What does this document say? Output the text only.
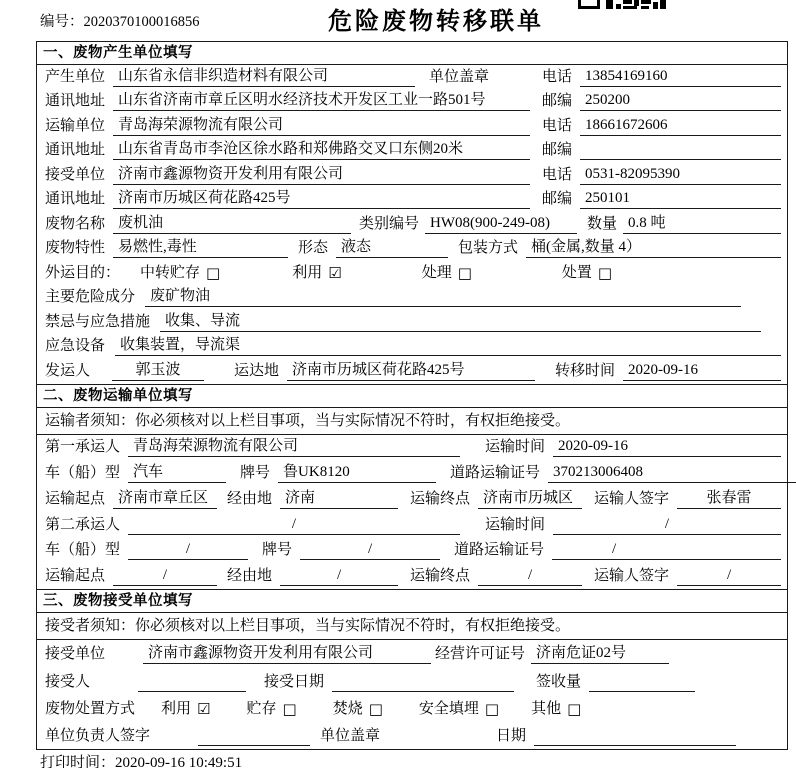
编号：2020370100016856	危险废物转移联单
一、废物产生单位填写
产生单位 山东省永信非织造材料有限公司	单位盖章	电话 13854169160
通讯地址 山东省济南市章丘区明水经济技术开发区工业一路501号	邮编 250200
运输单位 青岛海荣源物流有限公司	电话 18661672606
通讯地址 山东省青岛市李沧区徐水路和郑佛路交叉口东侧20米	邮编
接受单位 济南市鑫源物资开发利用有限公司	电话 0531-82095390
通讯地址 济南市历城区荷花路425号	邮编 250101
废物名称 废机油	类别编号 HW08(900-249-08)	数量 0.8 吨
废物特性 易燃性,毒性	形态 液态	包装方式 桶(金属,数量 4）
外运目的： 中转贮存 □	利用 ☑	处理 □	处置 □
主要危险成分	废矿物油
禁忌与应急措施	收集、导流
应急设备	收集装置，导流渠
发运人	郭玉波	运达地 济南市历城区荷花路425号	转移时间 2020-09-16
二、废物运输单位填写
运输者须知：你必须核对以上栏目事项，当与实际情况不符时，有权拒绝接受。
第一承运人 青岛海荣源物流有限公司	运输时间 2020-09-16
车（船）型 汽车	牌号 鲁UK8120	道路运输证号 370213006408
运输起点 济南市章丘区	经由地 济南	运输终点 济南市历城区	运输人签字	张春雷
第二承运人	/	运输时间	/
车（船）型	/	牌号	/	道路运输证号	/
运输起点	/	经由地	/	运输终点	/	运输人签字	/
三、废物接受单位填写
接受者须知：你必须核对以上栏目事项，当与实际情况不符时，有权拒绝接受。
接受单位	济南市鑫源物资开发利用有限公司	经营许可证号 济南危证02号
接受人	接受日期	签收量
废物处置方式 利用 ☑ 贮存 □ 焚烧 □ 安全填埋 □ 其他 □
单位负责人签字	单位盖章	日期
打印时间：2020-09-16 10:49:51
